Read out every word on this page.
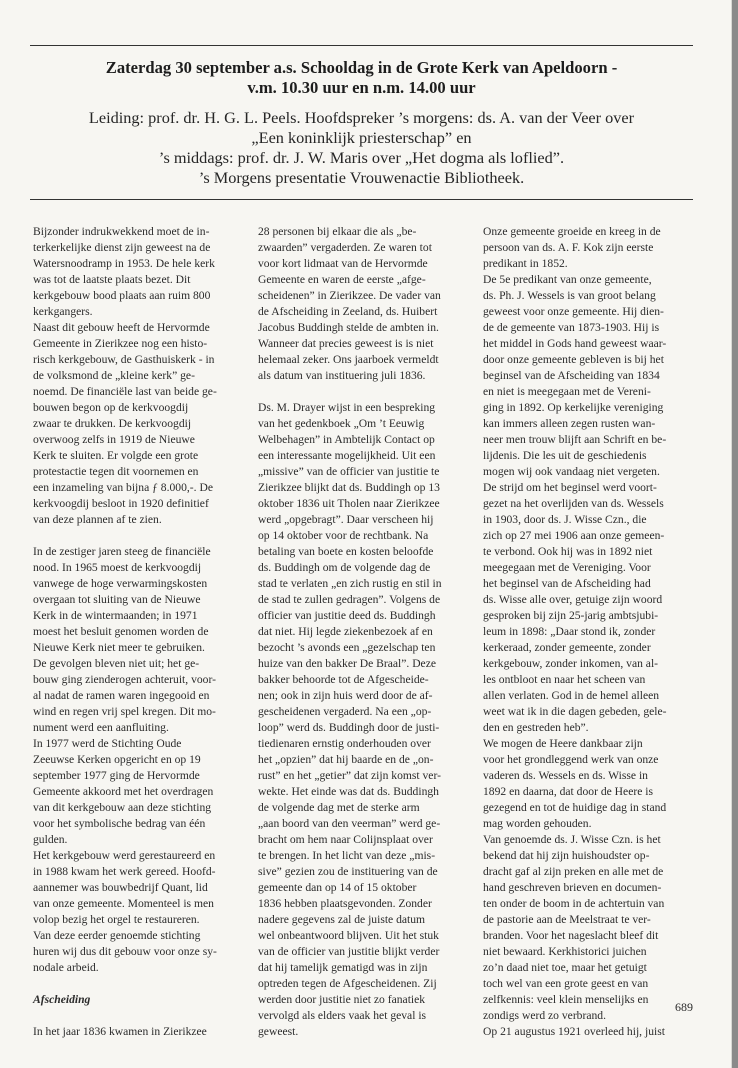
Zaterdag 30 september a.s. Schooldag in de Grote Kerk van Apeldoorn -
v.m. 10.30 uur en n.m. 14.00 uur
Leiding: prof. dr. H. G. L. Peels. Hoofdspreker ’s morgens: ds. A. van der Veer over
„Een koninklijk priesterschap” en
’s middags: prof. dr. J. W. Maris over „Het dogma als loflied”.
’s Morgens presentatie Vrouwenactie Bibliotheek.
Bijzonder indrukwekkend moet de in-
terkerkelijke dienst zijn geweest na de
Watersnoodramp in 1953. De hele kerk
was tot de laatste plaats bezet. Dit
kerkgebouw bood plaats aan ruim 800
kerkgangers.
Naast dit gebouw heeft de Hervormde
Gemeente in Zierikzee nog een histo-
risch kerkgebouw, de Gasthuiskerk - in
de volksmond de „kleine kerk” ge-
noemd. De financiële last van beide ge-
bouwen begon op de kerkvoogdij
zwaar te drukken. De kerkvoogdij
overwoog zelfs in 1919 de Nieuwe
Kerk te sluiten. Er volgde een grote
protestactie tegen dit voornemen en
een inzameling van bijna ƒ 8.000,-. De
kerkvoogdij besloot in 1920 definitief
van deze plannen af te zien.
In de zestiger jaren steeg de financiële
nood. In 1965 moest de kerkvoogdij
vanwege de hoge verwarmingskosten
overgaan tot sluiting van de Nieuwe
Kerk in de wintermaanden; in 1971
moest het besluit genomen worden de
Nieuwe Kerk niet meer te gebruiken.
De gevolgen bleven niet uit; het ge-
bouw ging zienderogen achteruit, voor-
al nadat de ramen waren ingegooid en
wind en regen vrij spel kregen. Dit mo-
nument werd een aanfluiting.
In 1977 werd de Stichting Oude
Zeeuwse Kerken opgericht en op 19
september 1977 ging de Hervormde
Gemeente akkoord met het overdragen
van dit kerkgebouw aan deze stichting
voor het symbolische bedrag van één
gulden.
Het kerkgebouw werd gerestaureerd en
in 1988 kwam het werk gereed. Hoofd-
aannemer was bouwbedrijf Quant, lid
van onze gemeente. Momenteel is men
volop bezig het orgel te restaureren.
Van deze eerder genoemde stichting
huren wij dus dit gebouw voor onze sy-
nodale arbeid.
Afscheiding
In het jaar 1836 kwamen in Zierikzee
28 personen bij elkaar die als „be-
zwaarden” vergaderden. Ze waren tot
voor kort lidmaat van de Hervormde
Gemeente en waren de eerste „afge-
scheidenen” in Zierikzee. De vader van
de Afscheiding in Zeeland, ds. Huibert
Jacobus Buddingh stelde de ambten in.
Wanneer dat precies geweest is is niet
helemaal zeker. Ons jaarboek vermeldt
als datum van instituering juli 1836.
Ds. M. Drayer wijst in een bespreking
van het gedenkboek „Om ’t Eeuwig
Welbehagen” in Ambtelijk Contact op
een interessante mogelijkheid. Uit een
„missive” van de officier van justitie te
Zierikzee blijkt dat ds. Buddingh op 13
oktober 1836 uit Tholen naar Zierikzee
werd „opgebragt”. Daar verscheen hij
op 14 oktober voor de rechtbank. Na
betaling van boete en kosten beloofde
ds. Buddingh om de volgende dag de
stad te verlaten „en zich rustig en stil in
de stad te zullen gedragen”. Volgens de
officier van justitie deed ds. Buddingh
dat niet. Hij legde ziekenbezoek af en
bezocht ’s avonds een „gezelschap ten
huize van den bakker De Braal”. Deze
bakker behoorde tot de Afgescheide-
nen; ook in zijn huis werd door de af-
gescheidenen vergaderd. Na een „op-
loop” werd ds. Buddingh door de justi-
tiedienaren ernstig onderhouden over
het „opzien” dat hij baarde en de „on-
rust” en het „getier” dat zijn komst ver-
wekte. Het einde was dat ds. Buddingh
de volgende dag met de sterke arm
„aan boord van den veerman” werd ge-
bracht om hem naar Colijnsplaat over
te brengen. In het licht van deze „mis-
sive” gezien zou de instituering van de
gemeente dan op 14 of 15 oktober
1836 hebben plaatsgevonden. Zonder
nadere gegevens zal de juiste datum
wel onbeantwoord blijven. Uit het stuk
van de officier van justitie blijkt verder
dat hij tamelijk gematigd was in zijn
optreden tegen de Afgescheidenen. Zij
werden door justitie niet zo fanatiek
vervolgd als elders vaak het geval is
geweest.
Onze gemeente groeide en kreeg in de
persoon van ds. A. F. Kok zijn eerste
predikant in 1852.
De 5e predikant van onze gemeente,
ds. Ph. J. Wessels is van groot belang
geweest voor onze gemeente. Hij dien-
de de gemeente van 1873-1903. Hij is
het middel in Gods hand geweest waar-
door onze gemeente gebleven is bij het
beginsel van de Afscheiding van 1834
en niet is meegegaan met de Vereni-
ging in 1892. Op kerkelijke vereniging
kan immers alleen zegen rusten wan-
neer men trouw blijft aan Schrift en be-
lijdenis. Die les uit de geschiedenis
mogen wij ook vandaag niet vergeten.
De strijd om het beginsel werd voort-
gezet na het overlijden van ds. Wessels
in 1903, door ds. J. Wisse Czn., die
zich op 27 mei 1906 aan onze gemeen-
te verbond. Ook hij was in 1892 niet
meegegaan met de Vereniging. Voor
het beginsel van de Afscheiding had
ds. Wisse alle over, getuige zijn woord
gesproken bij zijn 25-jarig ambtsjubi-
leum in 1898: „Daar stond ik, zonder
kerkeraad, zonder gemeente, zonder
kerkgebouw, zonder inkomen, van al-
les ontbloot en naar het scheen van
allen verlaten. God in de hemel alleen
weet wat ik in die dagen gebeden, gele-
den en gestreden heb”.
We mogen de Heere dankbaar zijn
voor het grondleggend werk van onze
vaderen ds. Wessels en ds. Wisse in
1892 en daarna, dat door de Heere is
gezegend en tot de huidige dag in stand
mag worden gehouden.
Van genoemde ds. J. Wisse Czn. is het
bekend dat hij zijn huishoudster op-
dracht gaf al zijn preken en alle met de
hand geschreven brieven en documen-
ten onder de boom in de achtertuin van
de pastorie aan de Meelstraat te ver-
branden. Voor het nageslacht bleef dit
niet bewaard. Kerkhistorici juichen
zo’n daad niet toe, maar het getuigt
toch wel van een grote geest en van
zelfkennis: veel klein menselijks en
zondigs werd zo verbrand.
Op 21 augustus 1921 overleed hij, juist
689
